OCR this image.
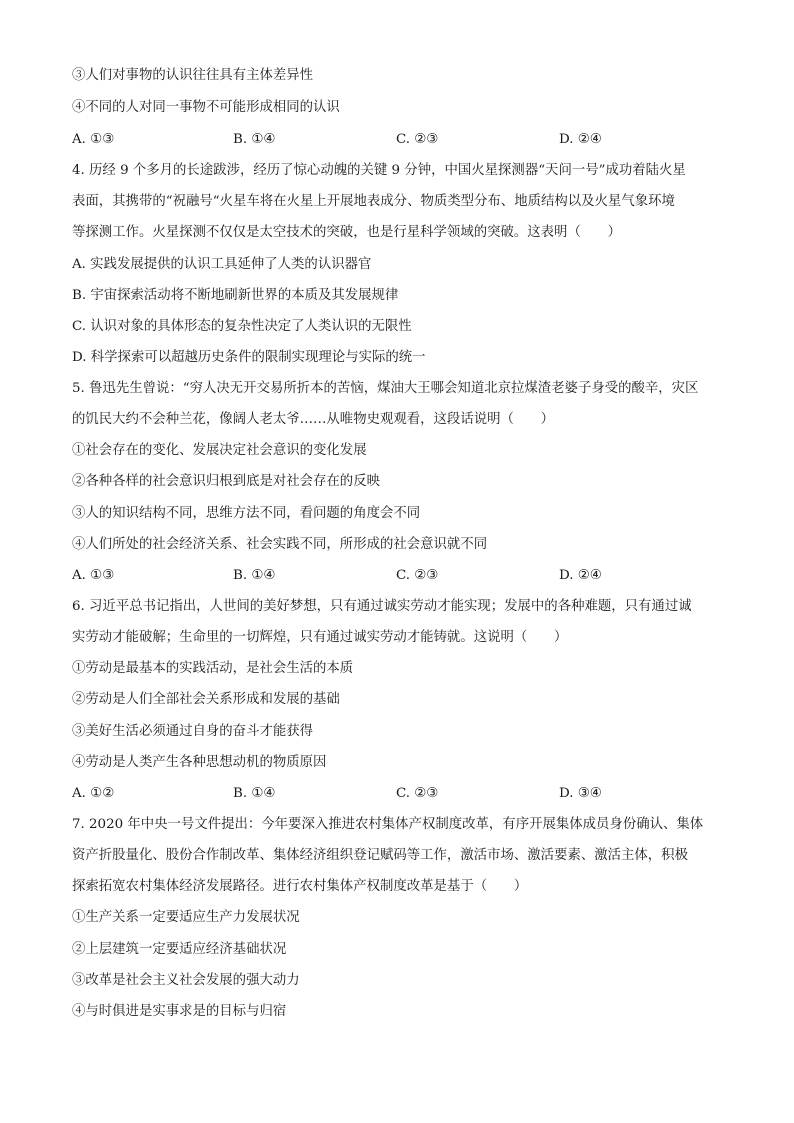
③人们对事物的认识往往具有主体差异性
④不同的人对同一事物不可能形成相同的认识
A. ①③	B. ①④	C. ②③	D. ②④
4. 历经 9 个多月的长途跋涉，经历了惊心动魄的关键 9 分钟，中国火星探测器“天问一号”成功着陆火星
表面，其携带的“祝融号“火星车将在火星上开展地表成分、物质类型分布、地质结构以及火星气象环境
等探测工作。火星探测不仅仅是太空技术的突破，也是行星科学领域的突破。这表明（　　）
A. 实践发展提供的认识工具延伸了人类的认识器官
B. 宇宙探索活动将不断地刷新世界的本质及其发展规律
C. 认识对象的具体形态的复杂性决定了人类认识的无限性
D. 科学探索可以超越历史条件的限制实现理论与实际的统一
5. 鲁迅先生曾说：“穷人决无开交易所折本的苦恼，煤油大王哪会知道北京拉煤渣老婆子身受的酸辛，灾区
的饥民大约不会种兰花，像阔人老太爷……从唯物史观观看，这段话说明（　　）
①社会存在的变化、发展决定社会意识的变化发展
②各种各样的社会意识归根到底是对社会存在的反映
③人的知识结构不同，思维方法不同，看问题的角度会不同
④人们所处的社会经济关系、社会实践不同，所形成的社会意识就不同
A. ①③	B. ①④	C. ②③	D. ②④
6. 习近平总书记指出，人世间的美好梦想，只有通过诚实劳动才能实现；发展中的各种难题，只有通过诚
实劳动才能破解；生命里的一切辉煌，只有通过诚实劳动才能铸就。这说明（　　）
①劳动是最基本的实践活动，是社会生活的本质
②劳动是人们全部社会关系形成和发展的基础
③美好生活必须通过自身的奋斗才能获得
④劳动是人类产生各种思想动机的物质原因
A. ①②	B. ①④	C. ②③	D. ③④
7. 2020 年中央一号文件提出：今年要深入推进农村集体产权制度改革，有序开展集体成员身份确认、集体
资产折股量化、股份合作制改革、集体经济组织登记赋码等工作，激活市场、激活要素、激活主体，积极
探索拓宽农村集体经济发展路径。进行农村集体产权制度改革是基于（　　）
①生产关系一定要适应生产力发展状况
②上层建筑一定要适应经济基础状况
③改革是社会主义社会发展的强大动力
④与时俱进是实事求是的目标与归宿
